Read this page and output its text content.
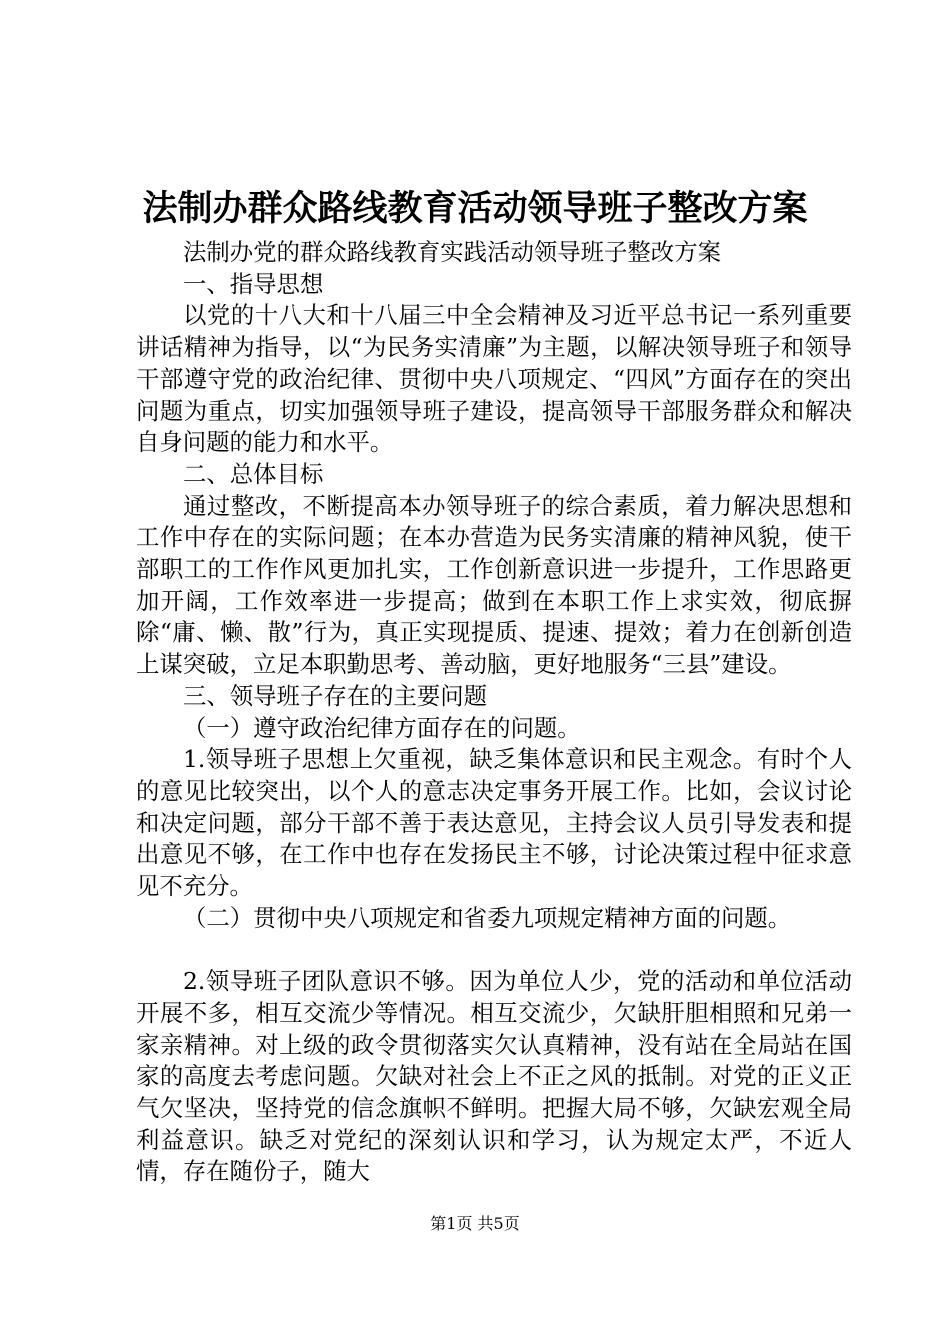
法制办群众路线教育活动领导班子整改方案

法制办党的群众路线教育实践活动领导班子整改方案

一、指导思想

以党的十八大和十八届三中全会精神及习近平总书记一系列重要讲话精神为指导，以“为民务实清廉”为主题，以解决领导班子和领导干部遵守党的政治纪律、贯彻中央八项规定、“四风”方面存在的突出问题为重点，切实加强领导班子建设，提高领导干部服务群众和解决自身问题的能力和水平。

二、总体目标

通过整改，不断提高本办领导班子的综合素质，着力解决思想和工作中存在的实际问题；在本办营造为民务实清廉的精神风貌，使干部职工的工作作风更加扎实，工作创新意识进一步提升，工作思路更加开阔，工作效率进一步提高；做到在本职工作上求实效，彻底摒除“庸、懒、散”行为，真正实现提质、提速、提效；着力在创新创造上谋突破，立足本职勤思考、善动脑，更好地服务“三县”建设。

三、领导班子存在的主要问题

（一）遵守政治纪律方面存在的问题。

1.领导班子思想上欠重视，缺乏集体意识和民主观念。有时个人的意见比较突出，以个人的意志决定事务开展工作。比如，会议讨论和决定问题，部分干部不善于表达意见，主持会议人员引导发表和提出意见不够，在工作中也存在发扬民主不够，讨论决策过程中征求意见不充分。

（二）贯彻中央八项规定和省委九项规定精神方面的问题。

2.领导班子团队意识不够。因为单位人少，党的活动和单位活动开展不多，相互交流少等情况。相互交流少，欠缺肝胆相照和兄弟一家亲精神。对上级的政令贯彻落实欠认真精神，没有站在全局站在国家的高度去考虑问题。欠缺对社会上不正之风的抵制。对党的正义正气欠坚决，坚持党的信念旗帜不鲜明。把握大局不够，欠缺宏观全局利益意识。缺乏对党纪的深刻认识和学习，认为规定太严，不近人情，存在随份子，随大

第1页 共5页
